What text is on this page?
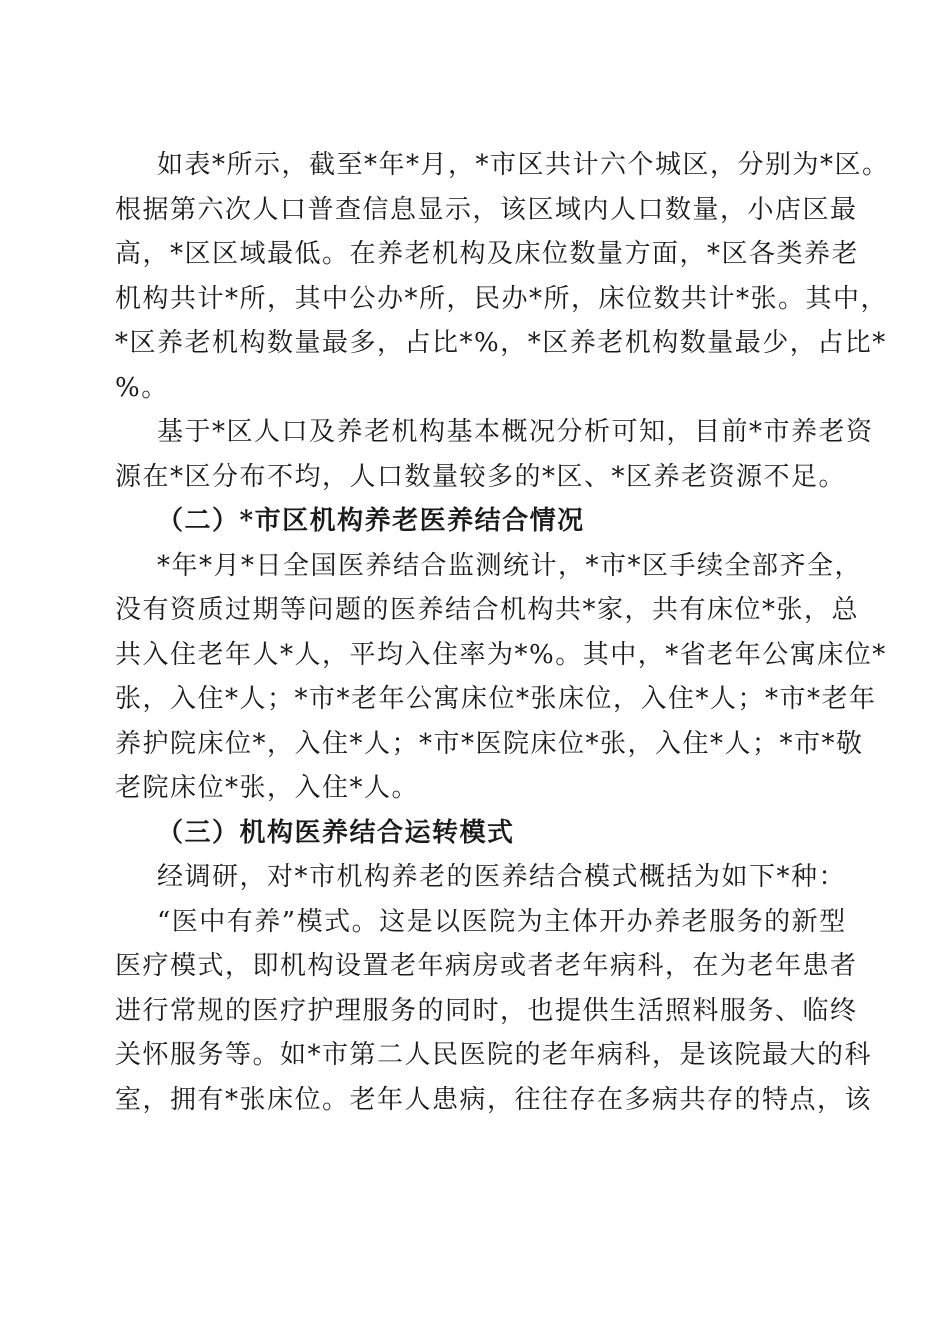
如表*所示，截至*年*月，*市区共计六个城区，分别为*区。
根据第六次人口普查信息显示，该区域内人口数量，小店区最
高，*区区域最低。在养老机构及床位数量方面，*区各类养老
机构共计*所，其中公办*所，民办*所，床位数共计*张。其中，
*区养老机构数量最多，占比*%，*区养老机构数量最少，占比*
%。
基于*区人口及养老机构基本概况分析可知，目前*市养老资
源在*区分布不均，人口数量较多的*区、*区养老资源不足。
（二）*市区机构养老医养结合情况
*年*月*日全国医养结合监测统计，*市*区手续全部齐全，
没有资质过期等问题的医养结合机构共*家，共有床位*张，总
共入住老年人*人，平均入住率为*%。其中，*省老年公寓床位*
张，入住*人；*市*老年公寓床位*张床位，入住*人；*市*老年
养护院床位*，入住*人；*市*医院床位*张，入住*人；*市*敬
老院床位*张，入住*人。
（三）机构医养结合运转模式
经调研，对*市机构养老的医养结合模式概括为如下*种：
“医中有养”模式。这是以医院为主体开办养老服务的新型
医疗模式，即机构设置老年病房或者老年病科，在为老年患者
进行常规的医疗护理服务的同时，也提供生活照料服务、临终
关怀服务等。如*市第二人民医院的老年病科，是该院最大的科
室，拥有*张床位。老年人患病，往往存在多病共存的特点，该
